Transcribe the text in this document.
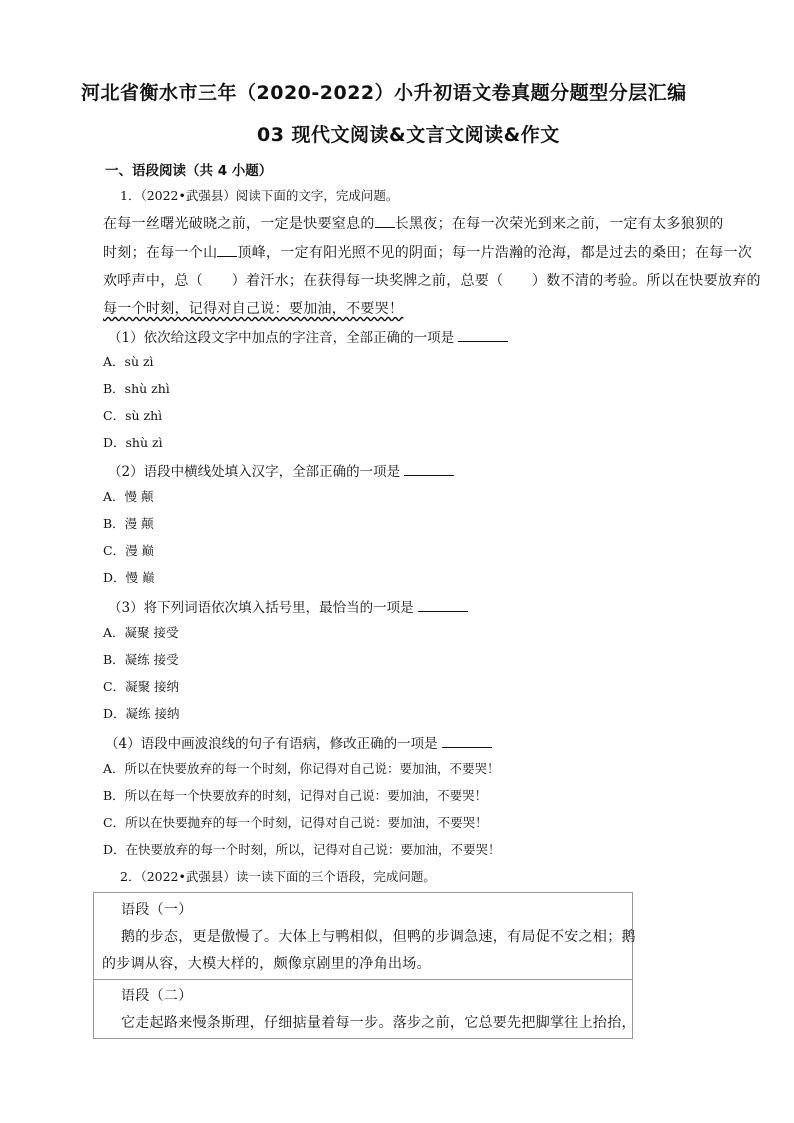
河北省衡水市三年（2020-2022）小升初语文卷真题分题型分层汇编
03 现代文阅读&文言文阅读&作文
一、语段阅读（共 4 小题）
1．（2022•武强县）阅读下面的文字，完成问题。
在每一丝曙光破晓之前，一定是快要窒息的 长黑夜；在每一次荣光到来之前，一定有太多狼狈的
时刻；在每一个山 顶峰，一定有阳光照不见的阴面；每一片浩瀚的沧海，都是过去的桑田；在每一次
欢呼声中，总（　　）着汗水；在获得每一块奖牌之前，总要（　　）数不清的考验。所以在快要放弃的
每一个时刻，记得对自己说：要加油，不要哭！
（1）依次给这段文字中加点的字注音，全部正确的一项是
A．sù zì
B．shù zhì
C．sù zhì
D．shù zì
（2）语段中横线处填入汉字，全部正确的一项是
A．慢 颠
B．漫 颠
C．漫 巅
D．慢 巅
（3）将下列词语依次填入括号里，最恰当的一项是
A．凝聚 接受
B．凝练 接受
C．凝聚 接纳
D．凝练 接纳
（4）语段中画波浪线的句子有语病，修改正确的一项是
A．所以在快要放弃的每一个时刻，你记得对自己说：要加油，不要哭！
B．所以在每一个快要放弃的时刻，记得对自己说：要加油，不要哭！
C．所以在快要抛弃的每一个时刻，记得对自己说：要加油，不要哭！
D．在快要放弃的每一个时刻，所以，记得对自己说：要加油，不要哭！
2．（2022•武强县）读一读下面的三个语段，完成问题。
语段（一）
鹅的步态，更是傲慢了。大体上与鸭相似，但鸭的步调急速，有局促不安之相；鹅
的步调从容，大模大样的，颇像京剧里的净角出场。
语段（二）
它走起路来慢条斯理，仔细掂量着每一步。落步之前，它总要先把脚掌往上抬抬，
